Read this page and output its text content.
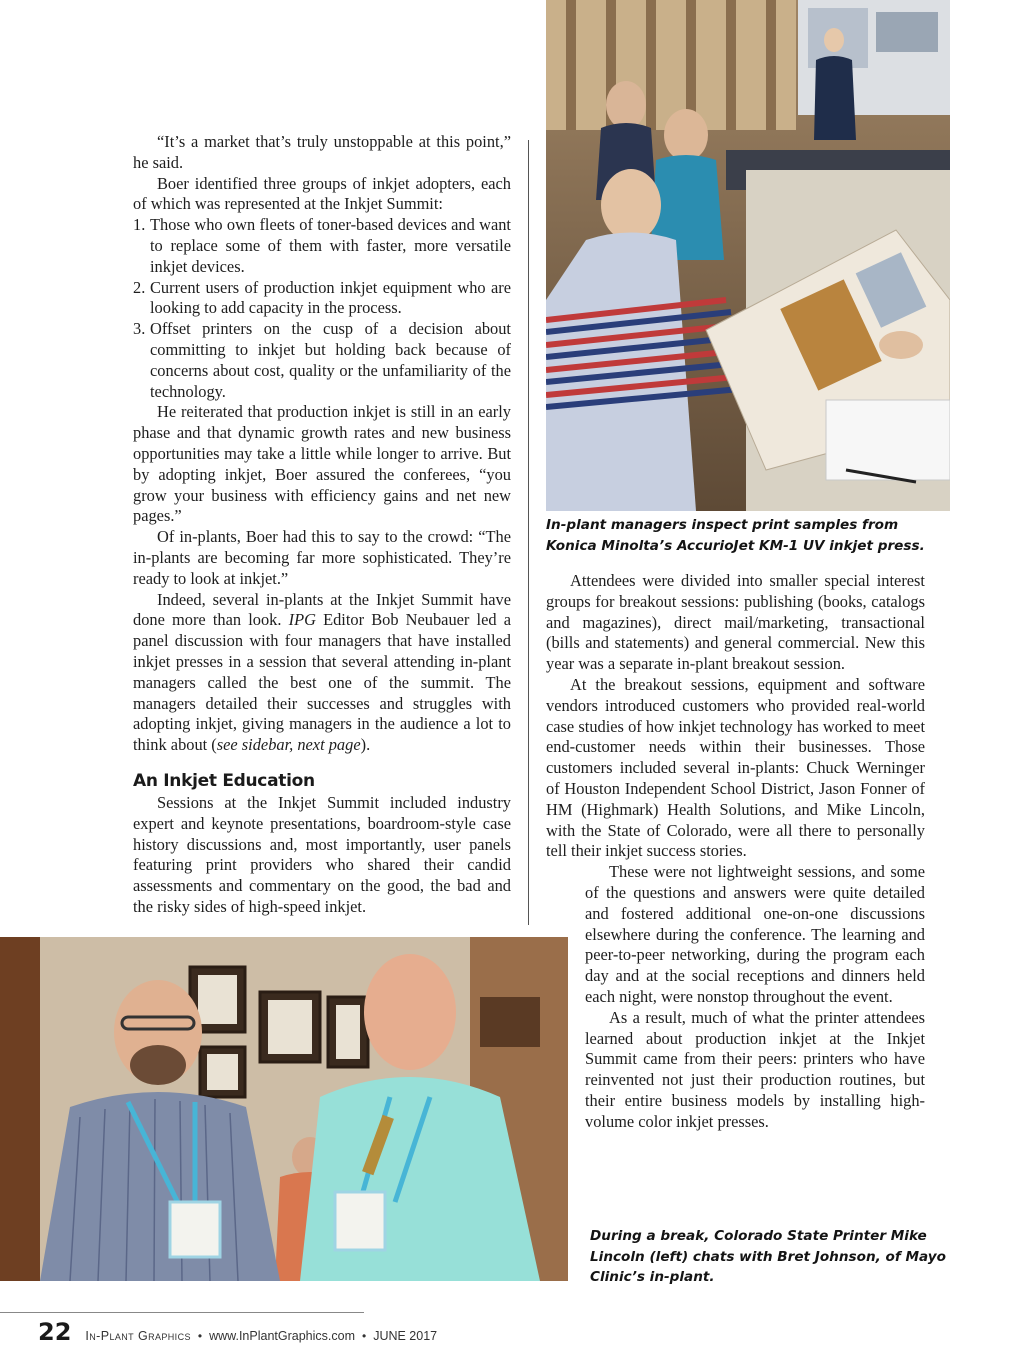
In-plant managers inspect print samples from Konica Minolta’s AccurioJet KM-1 UV inkjet press.

“It’s a market that’s truly unstoppable at this point,” he said.

Boer identified three groups of inkjet adopters, each of which was represented at the Inkjet Summit:

1. Those who own fleets of toner-based devices and want to replace some of them with faster, more versatile inkjet devices.
2. Current users of production inkjet equipment who are looking to add capacity in the process.
3. Offset printers on the cusp of a decision about committing to inkjet but holding back because of concerns about cost, quality or the unfamiliarity of the technology.

He reiterated that production inkjet is still in an early phase and that dynamic growth rates and new business opportunities may take a little while longer to arrive. But by adopting inkjet, Boer assured the conferees, “you grow your business with efficiency gains and net new pages.”

Of in-plants, Boer had this to say to the crowd: “The in-plants are becoming far more sophisticated. They’re ready to look at inkjet.”

Indeed, several in-plants at the Inkjet Summit have done more than look. IPG Editor Bob Neubauer led a panel discussion with four managers that have installed inkjet presses in a session that several attending in-plant managers called the best one of the summit. The managers detailed their successes and struggles with adopting inkjet, giving managers in the audience a lot to think about (see sidebar, next page).

An Inkjet Education

Sessions at the Inkjet Summit included industry expert and keynote presentations, boardroom-style case history discussions and, most importantly, user panels featuring print providers who shared their candid assessments and commentary on the good, the bad and the risky sides of high-speed inkjet.

Attendees were divided into smaller special interest groups for breakout sessions: publishing (books, catalogs and magazines), direct mail/marketing, transactional (bills and statements) and general commercial. New this year was a separate in-plant breakout session.

At the breakout sessions, equipment and software vendors introduced customers who provided real-world case studies of how inkjet technology has worked to meet end-customer needs within their businesses. Those customers included several in-plants: Chuck Werninger of Houston Independent School District, Jason Fonner of HM (Highmark) Health Solutions, and Mike Lincoln, with the State of Colorado, were all there to personally tell their inkjet success stories.

These were not lightweight sessions, and some of the questions and answers were quite detailed and fostered additional one-on-one discussions elsewhere during the conference. The learning and peer-to-peer networking, during the program each day and at the social receptions and dinners held each night, were nonstop throughout the event.

As a result, much of what the printer attendees learned about production inkjet at the Inkjet Summit came from their peers: printers who have reinvented not just their production routines, but their entire business models by installing high-volume color inkjet presses.

During a break, Colorado State Printer Mike Lincoln (left) chats with Bret Johnson, of Mayo Clinic’s in-plant.
22 In-Plant Graphics • www.InPlantGraphics.com • JUNE 2017
